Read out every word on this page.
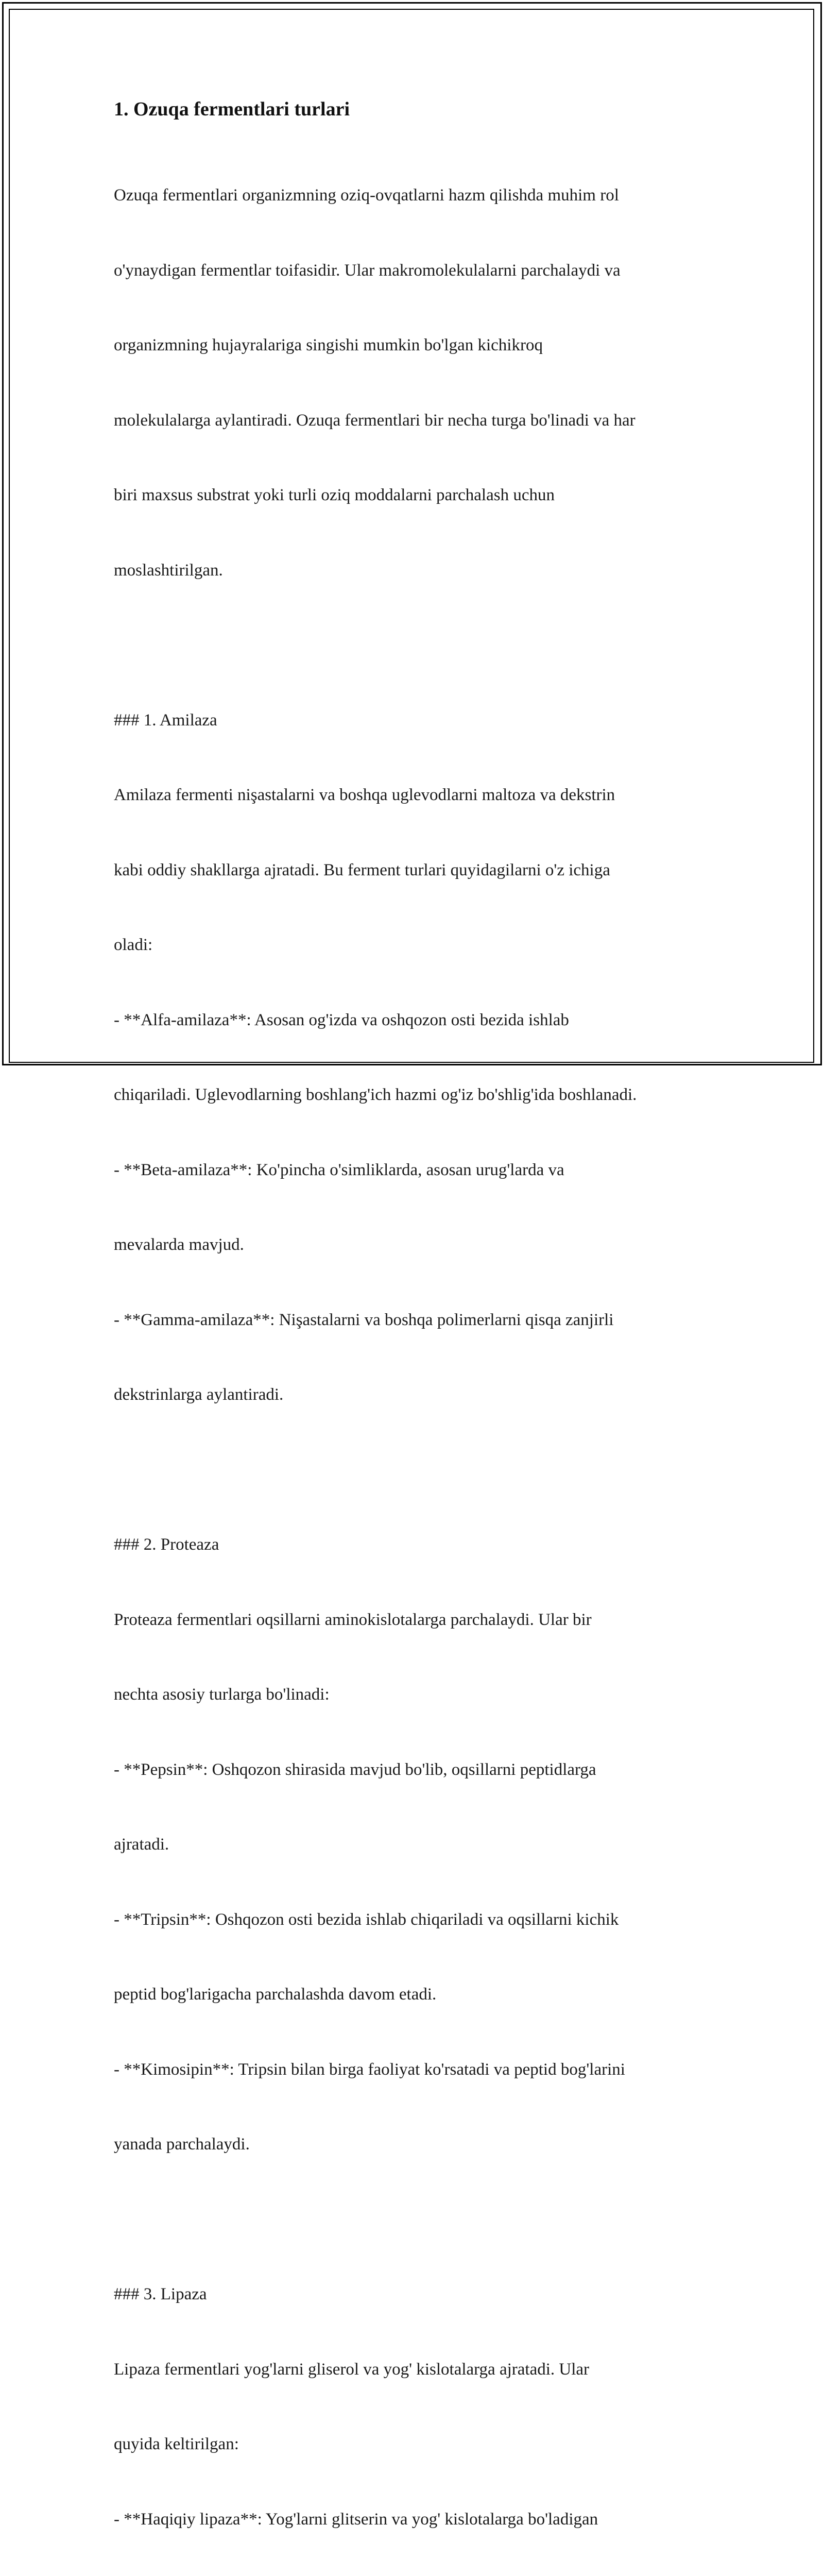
1. Ozuqa fermentlari turlari

Ozuqa fermentlari organizmning oziq-ovqatlarni hazm qilishda muhim rol

o'ynaydigan fermentlar toifasidir. Ular makromolekulalarni parchalaydi va

organizmning hujayralariga singishi mumkin bo'lgan kichikroq

molekulalarga aylantiradi. Ozuqa fermentlari bir necha turga bo'linadi va har

biri maxsus substrat yoki turli oziq moddalarni parchalash uchun

moslashtirilgan.

### 1. Amilaza

Amilaza fermenti nişastalarni va boshqa uglevodlarni maltoza va dekstrin

kabi oddiy shakllarga ajratadi. Bu ferment turlari quyidagilarni o'z ichiga

oladi:

- **Alfa-amilaza**: Asosan og'izda va oshqozon osti bezida ishlab

chiqariladi. Uglevodlarning boshlang'ich hazmi og'iz bo'shlig'ida boshlanadi.

- **Beta-amilaza**: Ko'pincha o'simliklarda, asosan urug'larda va

mevalarda mavjud.

- **Gamma-amilaza**: Nişastalarni va boshqa polimerlarni qisqa zanjirli

dekstrinlarga aylantiradi.

### 2. Proteaza

Proteaza fermentlari oqsillarni aminokislotalarga parchalaydi. Ular bir

nechta asosiy turlarga bo'linadi:

- **Pepsin**: Oshqozon shirasida mavjud bo'lib, oqsillarni peptidlarga

ajratadi.

- **Tripsin**: Oshqozon osti bezida ishlab chiqariladi va oqsillarni kichik

peptid bog'larigacha parchalashda davom etadi.

- **Kimosipin**: Tripsin bilan birga faoliyat ko'rsatadi va peptid bog'larini

yanada parchalaydi.

### 3. Lipaza

Lipaza fermentlari yog'larni gliserol va yog' kislotalarga ajratadi. Ular

quyida keltirilgan:

- **Haqiqiy lipaza**: Yog'larni glitserin va yog' kislotalarga bo'ladigan
